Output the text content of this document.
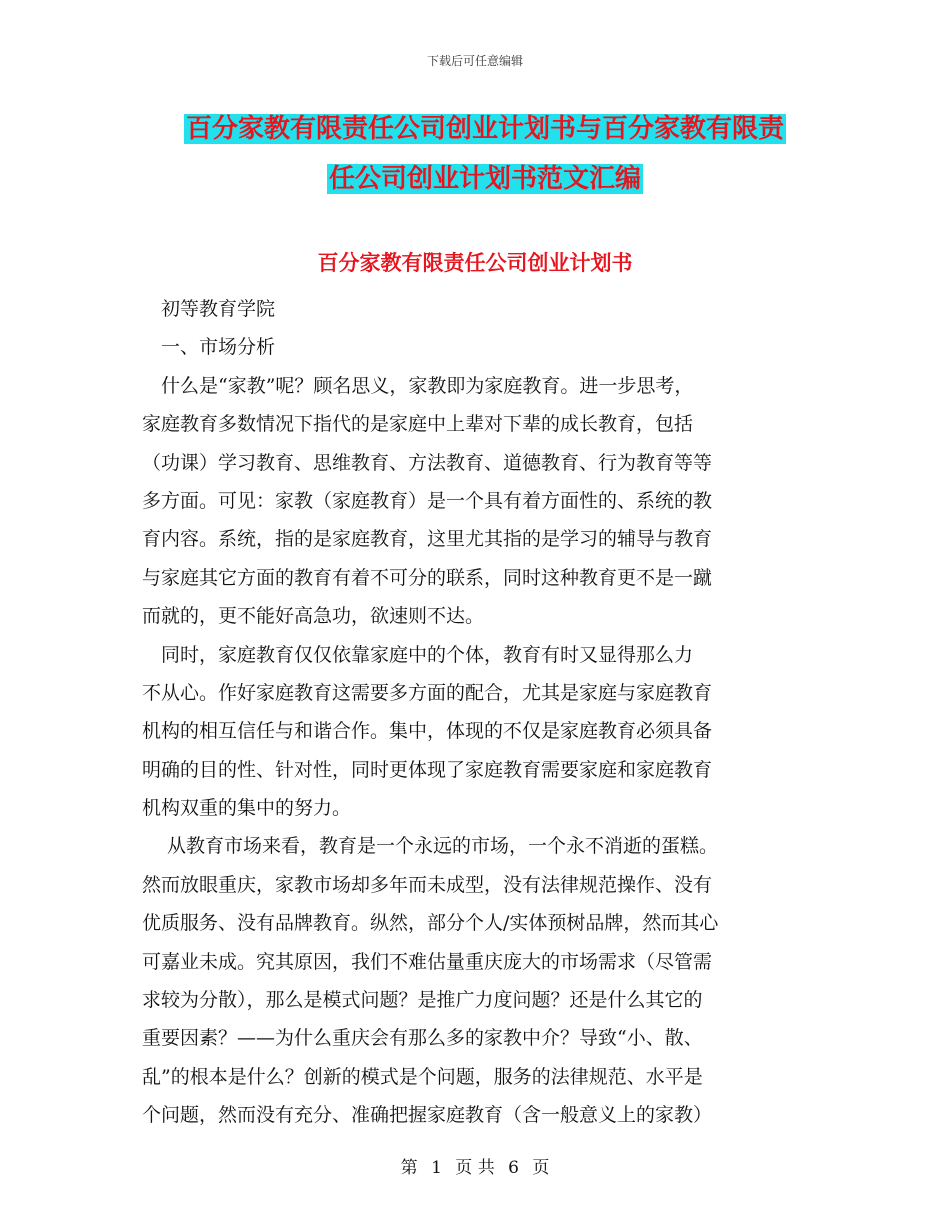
下载后可任意编辑
百分家教有限责任公司创业计划书与百分家教有限责
任公司创业计划书范文汇编
百分家教有限责任公司创业计划书
　初等教育学院
　一、市场分析
　什么是“家教”呢？顾名思义，家教即为家庭教育。进一步思考，
家庭教育多数情况下指代的是家庭中上辈对下辈的成长教育，包括
（功课）学习教育、思维教育、方法教育、道德教育、行为教育等等
多方面。可见：家教（家庭教育）是一个具有着方面性的、系统的教
育内容。系统，指的是家庭教育，这里尤其指的是学习的辅导与教育
与家庭其它方面的教育有着不可分的联系，同时这种教育更不是一蹴
而就的，更不能好高急功，欲速则不达。
　同时，家庭教育仅仅依靠家庭中的个体，教育有时又显得那么力
不从心。作好家庭教育这需要多方面的配合，尤其是家庭与家庭教育
机构的相互信任与和谐合作。集中，体现的不仅是家庭教育必须具备
明确的目的性、针对性，同时更体现了家庭教育需要家庭和家庭教育
机构双重的集中的努力。
　 从教育市场来看，教育是一个永远的市场，一个永不消逝的蛋糕。
然而放眼重庆，家教市场却多年而未成型，没有法律规范操作、没有
优质服务、没有品牌教育。纵然，部分个人/实体预树品牌，然而其心
可嘉业未成。究其原因，我们不难估量重庆庞大的市场需求（尽管需
求较为分散），那么是模式问题？是推广力度问题？还是什么其它的
重要因素？——为什么重庆会有那么多的家教中介？导致“小、散、
乱”的根本是什么？创新的模式是个问题，服务的法律规范、水平是
个问题，然而没有充分、准确把握家庭教育（含一般意义上的家教）
第 1 页 共 6 页
